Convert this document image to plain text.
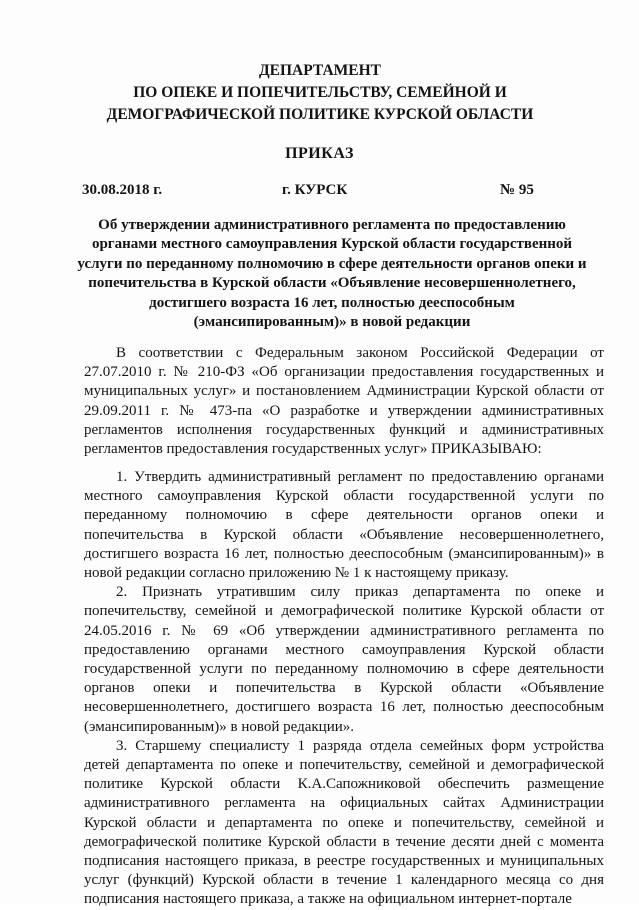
ДЕПАРТАМЕНТ
ПО ОПЕКЕ И ПОПЕЧИТЕЛЬСТВУ, СЕМЕЙНОЙ И
ДЕМОГРАФИЧЕСКОЙ ПОЛИТИКЕ КУРСКОЙ ОБЛАСТИ
ПРИКАЗ
30.08.2018 г.	г. КУРСК	№ 95
Об утверждении административного регламента по предоставлению
органами местного самоуправления Курской области государственной
услуги по переданному полномочию в сфере деятельности органов опеки и
попечительства в Курской области «Объявление несовершеннолетнего,
достигшего возраста 16 лет, полностью дееспособным
(эмансипированным)» в новой редакции

В соответствии с Федеральным законом Российской Федерации от 27.07.2010 г. № 210-ФЗ «Об организации предоставления государственных и муниципальных услуг» и постановлением Администрации Курской области от 29.09.2011 г. № 473-па «О разработке и утверждении административных регламентов исполнения государственных функций и административных регламентов предоставления государственных услуг» ПРИКАЗЫВАЮ:

1. Утвердить административный регламент по предоставлению органами местного самоуправления Курской области государственной услуги по переданному полномочию в сфере деятельности органов опеки и попечительства в Курской области «Объявление несовершеннолетнего, достигшего возраста 16 лет, полностью дееспособным (эмансипированным)» в новой редакции согласно приложению № 1 к настоящему приказу.

2. Признать утратившим силу приказ департамента по опеке и попечительству, семейной и демографической политике Курской области от 24.05.2016 г. № 69 «Об утверждении административного регламента по предоставлению органами местного самоуправления Курской области государственной услуги по переданному полномочию в сфере деятельности органов опеки и попечительства в Курской области «Объявление несовершеннолетнего, достигшего возраста 16 лет, полностью дееспособным (эмансипированным)» в новой редакции».

3. Старшему специалисту 1 разряда отдела семейных форм устройства детей департамента по опеке и попечительству, семейной и демографической политике Курской области К.А.Сапожниковой обеспечить размещение административного регламента на официальных сайтах Администрации Курской области и департамента по опеке и попечительству, семейной и демографической политике Курской области в течение десяти дней с момента подписания настоящего приказа, в реестре государственных и муниципальных услуг (функций) Курской области в течение 1 календарного месяца со дня подписания настоящего приказа, а также на официальном интернет-портале
